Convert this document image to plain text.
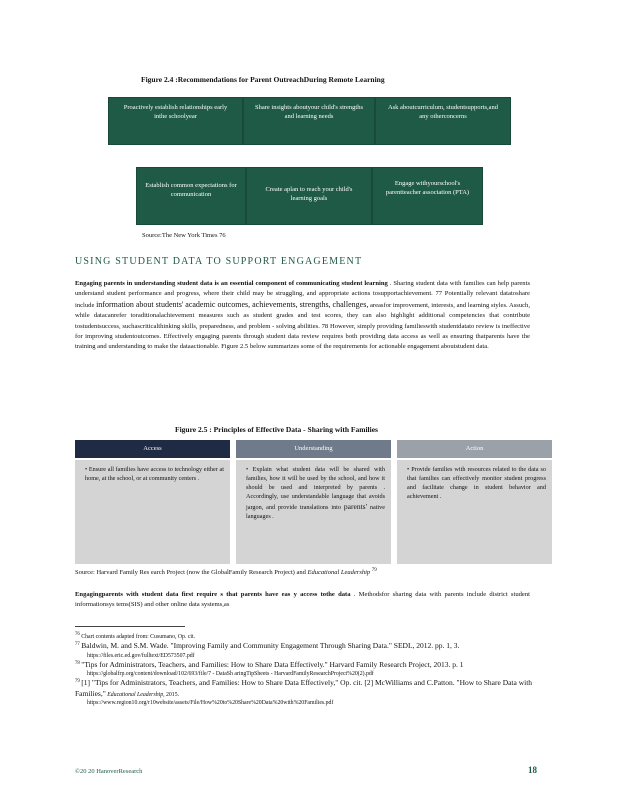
Figure 2.4 :Recommendations for Parent OutreachDuring Remote Learning
Proactively establish relationships early inthe schoolyear
Share insights aboutyour child's strengths and learning needs
Ask aboutcurriculum, studentsupports,and any otherconcerns
Establish common expectations for communication
Create aplan to reach your child's learning goals
Engage withyourschool's parentteacher association (PTA)
Source:The New York Times 76
USING STUDENT DATA TO SUPPORT ENGAGEMENT
Engaging parents in understanding student data is an essential component of communicating student learning . Sharing student data with families can help parents understand student performance and progress, where their child may be struggling, and appropriate actions tosupportachievement. 77 Potentially relevant datatoshare include information about students' academic outcomes, achievements, strengths, challenges, areasfor improvement, interests, and learning styles. Assuch, while datacanrefer toraditionalachievement measures such as student grades and test scores, they can also highlight additional competencies that contribute tostudentsuccess, suchascriticalthinking skills, preparedness, and problem - solving abilities. 78 However, simply providing familieswith studentdatato review is ineffective for improving studentoutcomes. Effectively engaging parents through student data review requires both providing data access as well as ensuring thatparents have the training and understanding to make the dataactionable. Figure 2.5 below summarizes some of the requirements for actionable engagement aboutstudent data.
Figure 2.5 : Principles of Effective Data - Sharing with Families
Access	Understanding	Action
• Ensure all families have access to technology either at home, at the school, or at community centers .
• Explain what student data will be shared with families, how it will be used by the school, and how it should be used and interpreted by parents . Accordingly, use understandable language that avoids jargon, and provide translations into parents' native languages .
• Provide families with resources related to the data so that families can effectively monitor student progress and facilitate change in student behavior and achievement .
Source: Harvard Family Res earch Project (now the GlobalFamily Research Project) and Educational Leadership $^{79}$
Engagingparents with student data first require s that parents have eas y access tothe data . Methodsfor sharing data with parents include district student informationsys tems(SIS) and other online data systems,as
$^{76}$ Chart contents adapted from: Cusumano, Op. cit.
$^{77}$ Baldwin, M. and S.M. Wade. "Improving Family and Community Engagement Through Sharing Data." SEDL, 2012. pp. 1, 3.
https://files.eric.ed.gov/fulltext/ED573507.pdf
$^{78}$ "Tips for Administrators, Teachers, and Families: How to Share Data Effectively." Harvard Family Research Project, 2013. p. 1
https://globalfrp.org/content/download/102/693/file/7 - DataSh aringTipSheets - HarvardFamilyResearchProject%20(2).pdf
$^{79}$ [1] "Tips for Administrators, Teachers, and Families: How to Share Data Effectively," Op. cit. [2] McWilliams and C.Patton. "How to Share Data with Families," Educational Leadership, 2015.
https://www.region10.org/r10website/assets/File/How%20to%20Share%20Data%20with%20Families.pdf
©20 20 HanoverResearch	18
